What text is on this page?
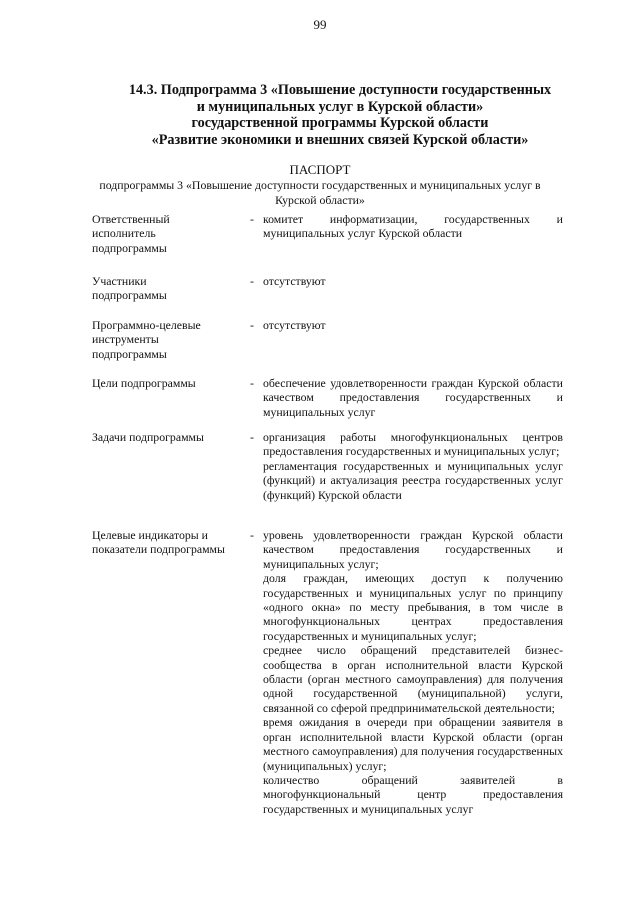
99
14.3. Подпрограмма 3 «Повышение доступности государственных
и муниципальных услуг в Курской области»
государственной программы Курской области
«Развитие экономики и внешних связей Курской области»
ПАСПОРТ
подпрограммы 3 «Повышение доступности государственных и муниципальных услуг в Курской области»
Ответственный исполнитель подпрограммы
- комитет информатизации, государственных и муниципальных услуг Курской области
Участники подпрограммы
- отсутствуют
Программно-целевые инструменты подпрограммы
- отсутствуют
Цели подпрограммы	- обеспечение удовлетворенности граждан Курской области качеством предоставления государственных и муниципальных услуг
Задачи подпрограммы	- организация работы многофункциональных центров предоставления государственных и муниципальных услуг;
регламентация государственных и муниципальных услуг (функций) и актуализация реестра государственных услуг (функций) Курской области
Целевые индикаторы и показатели подпрограммы
- уровень удовлетворенности граждан Курской области качеством предоставления государственных и муниципальных услуг;
доля граждан, имеющих доступ к получению государственных и муниципальных услуг по принципу «одного окна» по месту пребывания, в том числе в многофункциональных центрах предоставления государственных и муниципальных услуг;
среднее число обращений представителей бизнес-сообщества в орган исполнительной власти Курской области (орган местного самоуправления) для получения одной государственной (муниципальной) услуги, связанной со сферой предпринимательской деятельности;
время ожидания в очереди при обращении заявителя в орган исполнительной власти Курской области (орган местного самоуправления) для получения государственных (муниципальных) услуг;
количество обращений заявителей в многофункциональный центр предоставления государственных и муниципальных услуг
